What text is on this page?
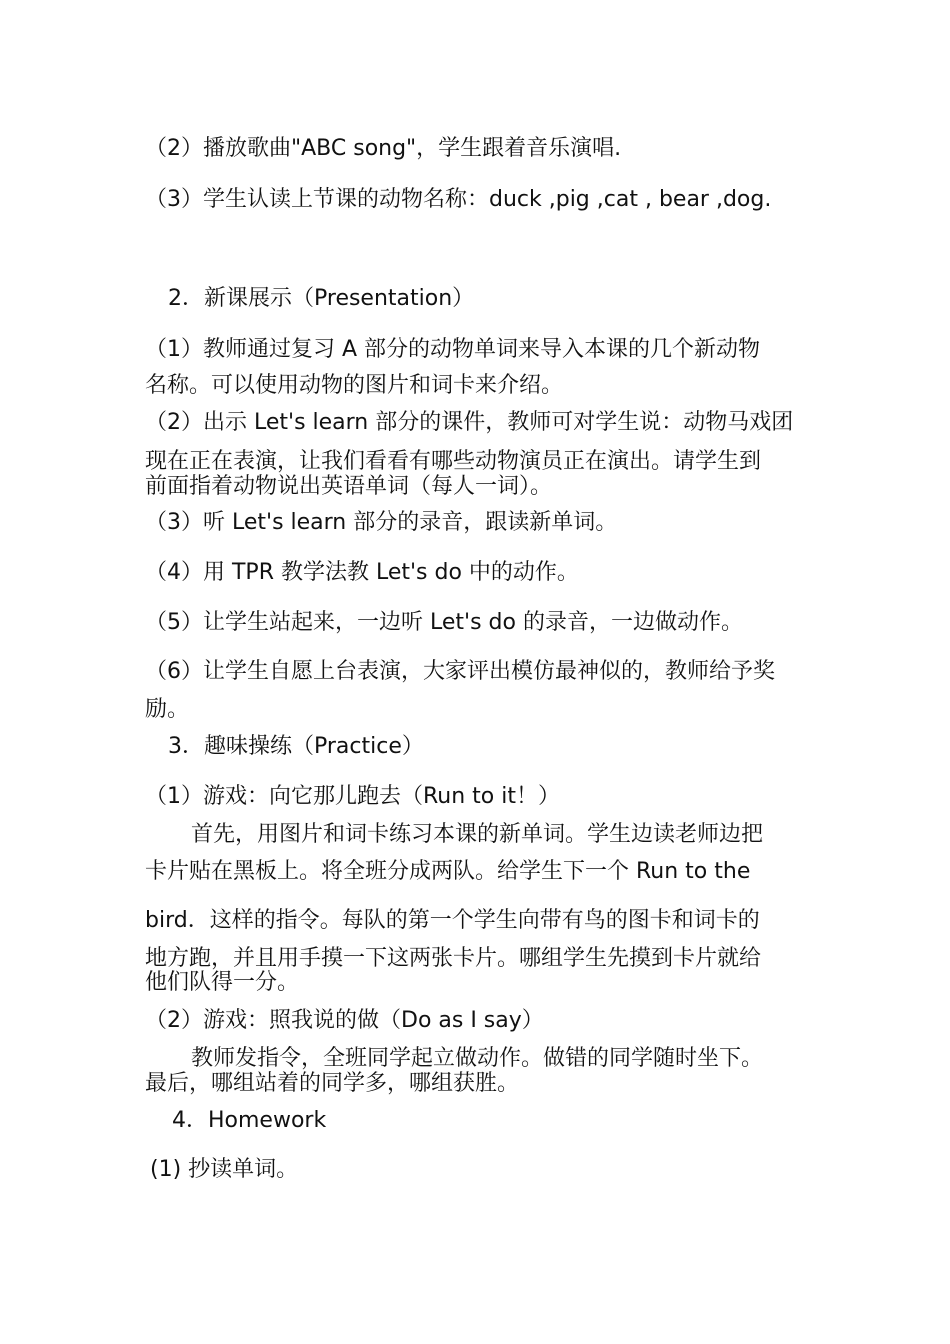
（2）播放歌曲"ABC song"，学生跟着音乐演唱.
（3）学生认读上节课的动物名称：duck ,pig ,cat , bear ,dog.
2．新课展示（Presentation）
（1）教师通过复习 A 部分的动物单词来导入本课的几个新动物
名称。可以使用动物的图片和词卡来介绍。
（2）出示 Let's learn 部分的课件，教师可对学生说：动物马戏团
现在正在表演，让我们看看有哪些动物演员正在演出。请学生到
前面指着动物说出英语单词（每人一词）。
（3）听 Let's learn 部分的录音，跟读新单词。
（4）用 TPR 教学法教 Let's do 中的动作。
（5）让学生站起来，一边听 Let's do 的录音，一边做动作。
（6）让学生自愿上台表演，大家评出模仿最神似的，教师给予奖
励。
3．趣味操练（Practice）
（1）游戏：向它那儿跑去（Run to it！）
首先，用图片和词卡练习本课的新单词。学生边读老师边把
卡片贴在黑板上。将全班分成两队。给学生下一个 Run to the
bird．这样的指令。每队的第一个学生向带有鸟的图卡和词卡的
地方跑，并且用手摸一下这两张卡片。哪组学生先摸到卡片就给
他们队得一分。
（2）游戏：照我说的做（Do as I say）
教师发指令，全班同学起立做动作。做错的同学随时坐下。
最后，哪组站着的同学多，哪组获胜。
4．Homework
(1) 抄读单词。
